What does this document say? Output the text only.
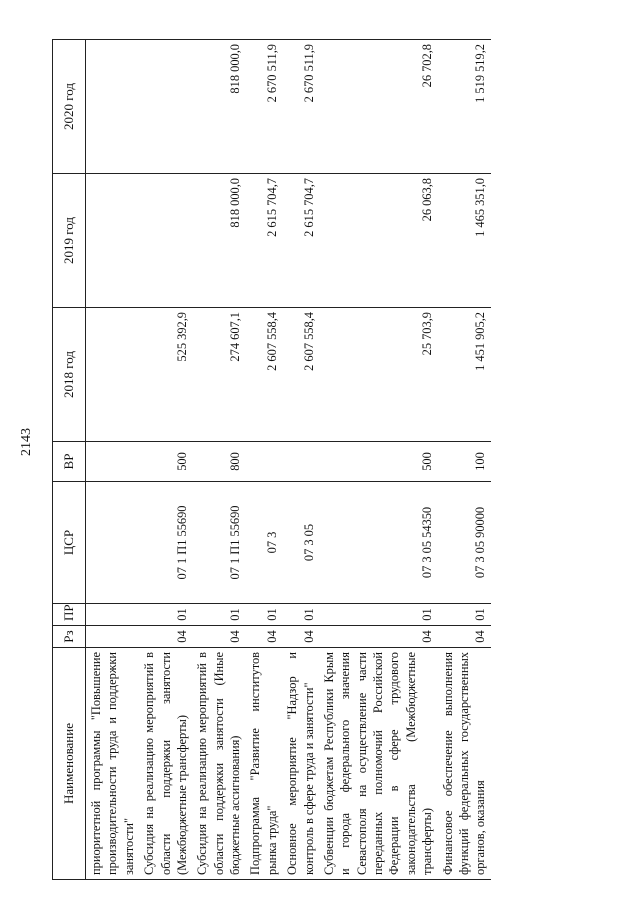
2143
Наименование	Рз	ПР	ЦСР	ВР	2018 год	2019 год	2020 год
приоритетной программы "Повышение производительности труда и поддержки занятости"							
Субсидия на реализацию мероприятий в области поддержки занятости (Межбюджетные трансферты)	04	01	07 1 П1 55690	500	525 392,9		
Субсидия на реализацию мероприятий в области поддержки занятости (Иные бюджетные ассигнования)	04	01	07 1 П1 55690	800	274 607,1	818 000,0	818 000,0
Подпрограмма "Развитие институтов рынка труда"	04	01	07 3		2 607 558,4	2 615 704,7	2 670 511,9
Основное мероприятие "Надзор и контроль в сфере труда и занятости"	04	01	07 3 05		2 607 558,4	2 615 704,7	2 670 511,9
Субвенции бюджетам Республики Крым и города федерального значения Севастополя на осуществление части переданных полномочий Российской Федерации в сфере трудового законодательства (Межбюджетные трансферты)	04	01	07 3 05 54350	500	25 703,9	26 063,8	26 702,8
Финансовое обеспечение выполнения функций федеральных государственных органов, оказания	04	01	07 3 05 90000	100	1 451 905,2	1 465 351,0	1 519 519,2
